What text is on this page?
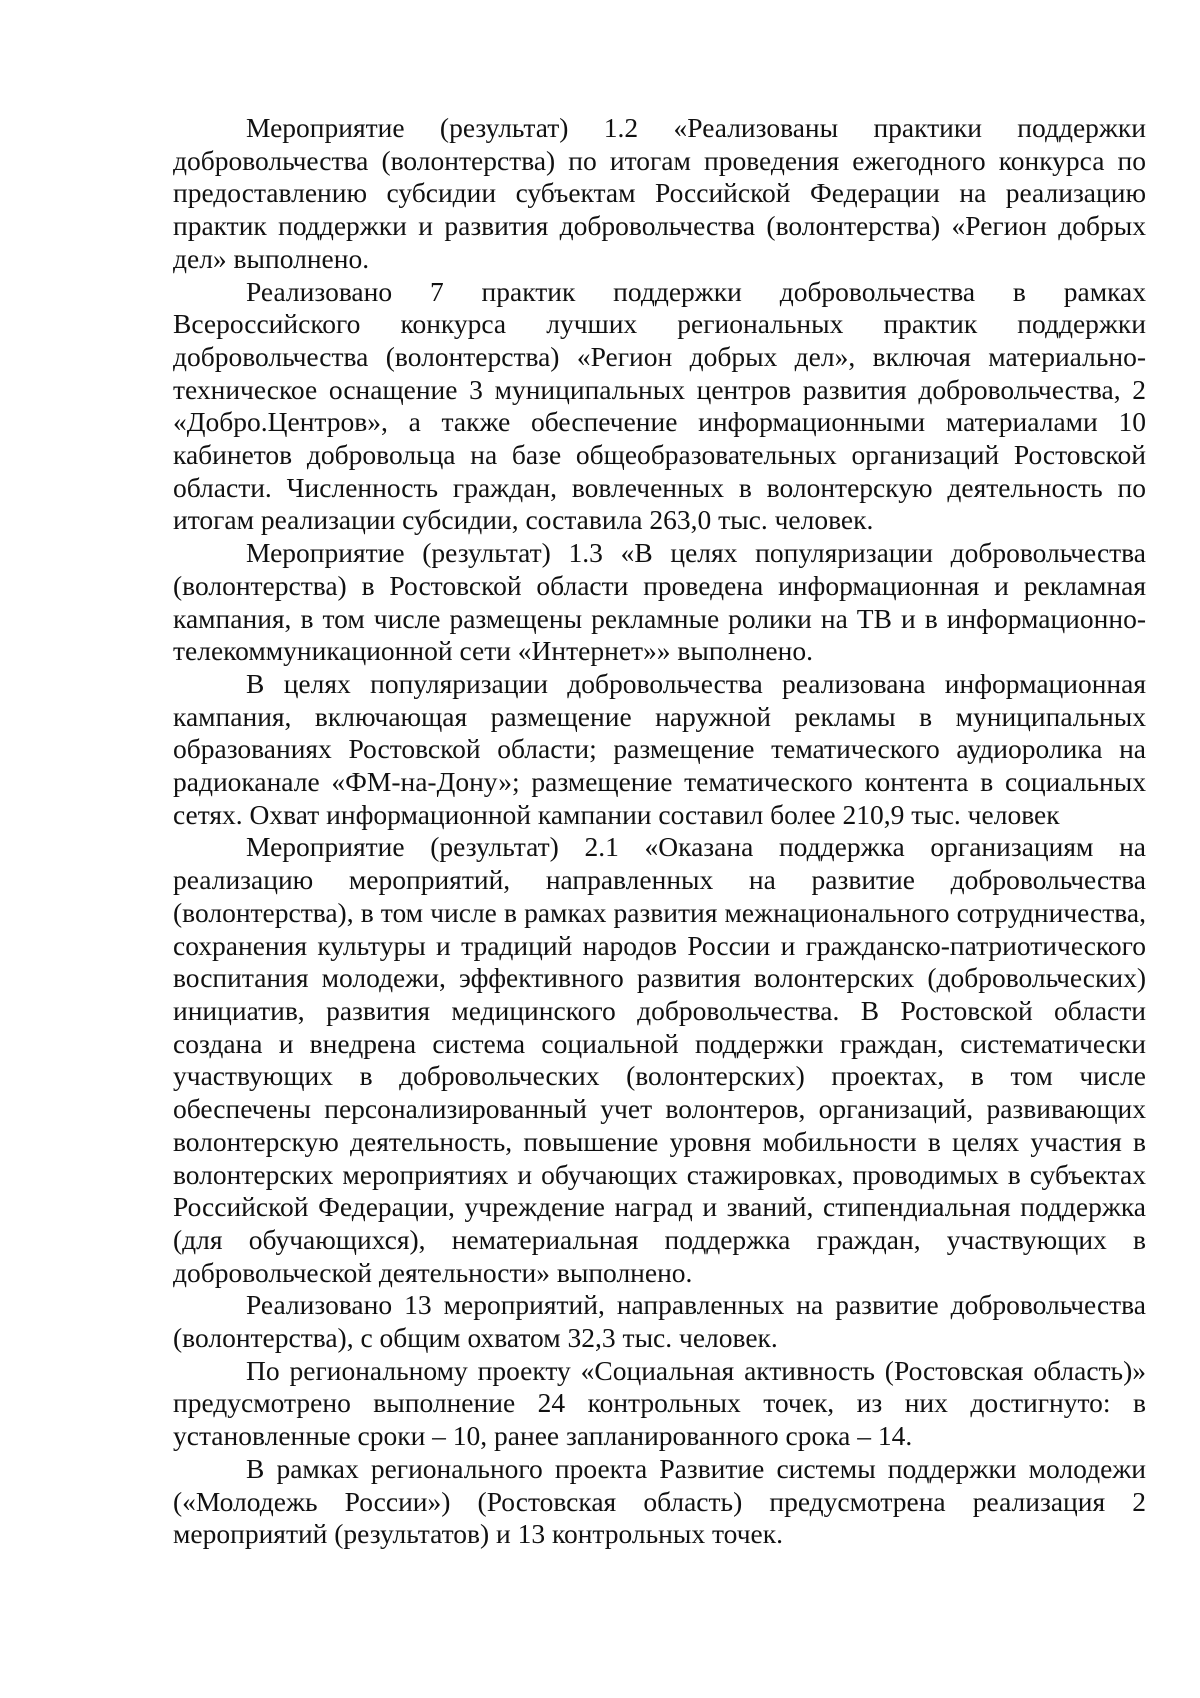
Мероприятие (результат) 1.2 «Реализованы практики поддержки добровольчества (волонтерства) по итогам проведения ежегодного конкурса по предоставлению субсидии субъектам Российской Федерации на реализацию практик поддержки и развития добровольчества (волонтерства) «Регион добрых дел» выполнено.

Реализовано 7 практик поддержки добровольчества в рамках Всероссийского конкурса лучших региональных практик поддержки добровольчества (волонтерства) «Регион добрых дел», включая материально-техническое оснащение 3 муниципальных центров развития добровольчества, 2 «Добро.Центров», а также обеспечение информационными материалами 10 кабинетов добровольца на базе общеобразовательных организаций Ростовской области. Численность граждан, вовлеченных в волонтерскую деятельность по итогам реализации субсидии, составила 263,0 тыс. человек.

Мероприятие (результат) 1.3 «В целях популяризации добровольчества (волонтерства) в Ростовской области проведена информационная и рекламная кампания, в том числе размещены рекламные ролики на ТВ и в информационно-телекоммуникационной сети «Интернет»» выполнено.

В целях популяризации добровольчества реализована информационная кампания, включающая размещение наружной рекламы в муниципальных образованиях Ростовской области; размещение тематического аудиоролика на радиоканале «ФМ-на-Дону»; размещение тематического контента в социальных сетях. Охват информационной кампании составил более 210,9 тыс. человек

Мероприятие (результат) 2.1 «Оказана поддержка организациям на реализацию мероприятий, направленных на развитие добровольчества (волонтерства), в том числе в рамках развития межнационального сотрудничества, сохранения культуры и традиций народов России и гражданско-патриотического воспитания молодежи, эффективного развития волонтерских (добровольческих) инициатив, развития медицинского добровольчества. В Ростовской области создана и внедрена система социальной поддержки граждан, систематически участвующих в добровольческих (волонтерских) проектах, в том числе обеспечены персонализированный учет волонтеров, организаций, развивающих волонтерскую деятельность, повышение уровня мобильности в целях участия в волонтерских мероприятиях и обучающих стажировках, проводимых в субъектах Российской Федерации, учреждение наград и званий, стипендиальная поддержка (для обучающихся), нематериальная поддержка граждан, участвующих в добровольческой деятельности» выполнено.

Реализовано 13 мероприятий, направленных на развитие добровольчества (волонтерства), с общим охватом 32,3 тыс. человек.

По региональному проекту «Социальная активность (Ростовская область)» предусмотрено выполнение 24 контрольных точек, из них достигнуто: в установленные сроки – 10, ранее запланированного срока – 14.

В рамках регионального проекта Развитие системы поддержки молодежи («Молодежь России») (Ростовская область) предусмотрена реализация 2 мероприятий (результатов) и 13 контрольных точек.
